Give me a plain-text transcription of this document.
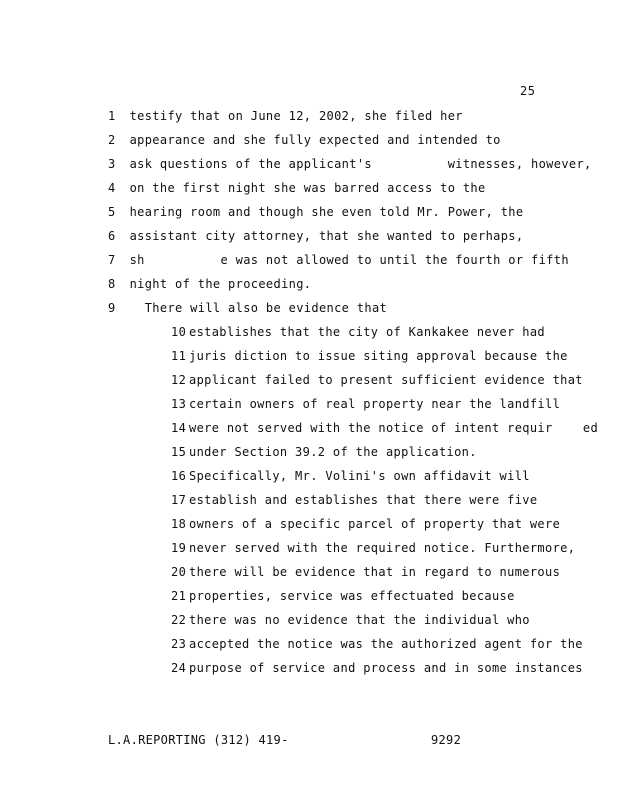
25
1 testify that on June 12, 2002, she filed her
2 appearance and she fully expected and intended to
3 ask questions of the applicant's          witnesses, however,
4 on the first night she was barred access to the
5 hearing room and though she even told Mr. Power, the
6 assistant city attorney, that she wanted to perhaps,
7 sh          e was not allowed to until the fourth or fifth
8 night of the proceeding.
9   There will also be evidence that
10 establishes that the city of Kankakee never had
11 juris diction to issue siting approval because the
12 applicant failed to present sufficient evidence that
13 certain owners of real property near the landfill
14 were not served with the notice of intent requir    ed
15 under Section 39.2 of the application.
16 Specifically, Mr. Volini's own affidavit will
17 establish and establishes that there were five
18 owners of a specific parcel of property that were
19 never served with the required notice. Furthermore,
20 there will be evidence that in regard to numerous
21 properties, service was effectuated because
22 there was no evidence that the individual who
23 accepted the notice was the authorized agent for the
24 purpose of service and process and in some instances
L.A.REPORTING (312) 419-	9292
